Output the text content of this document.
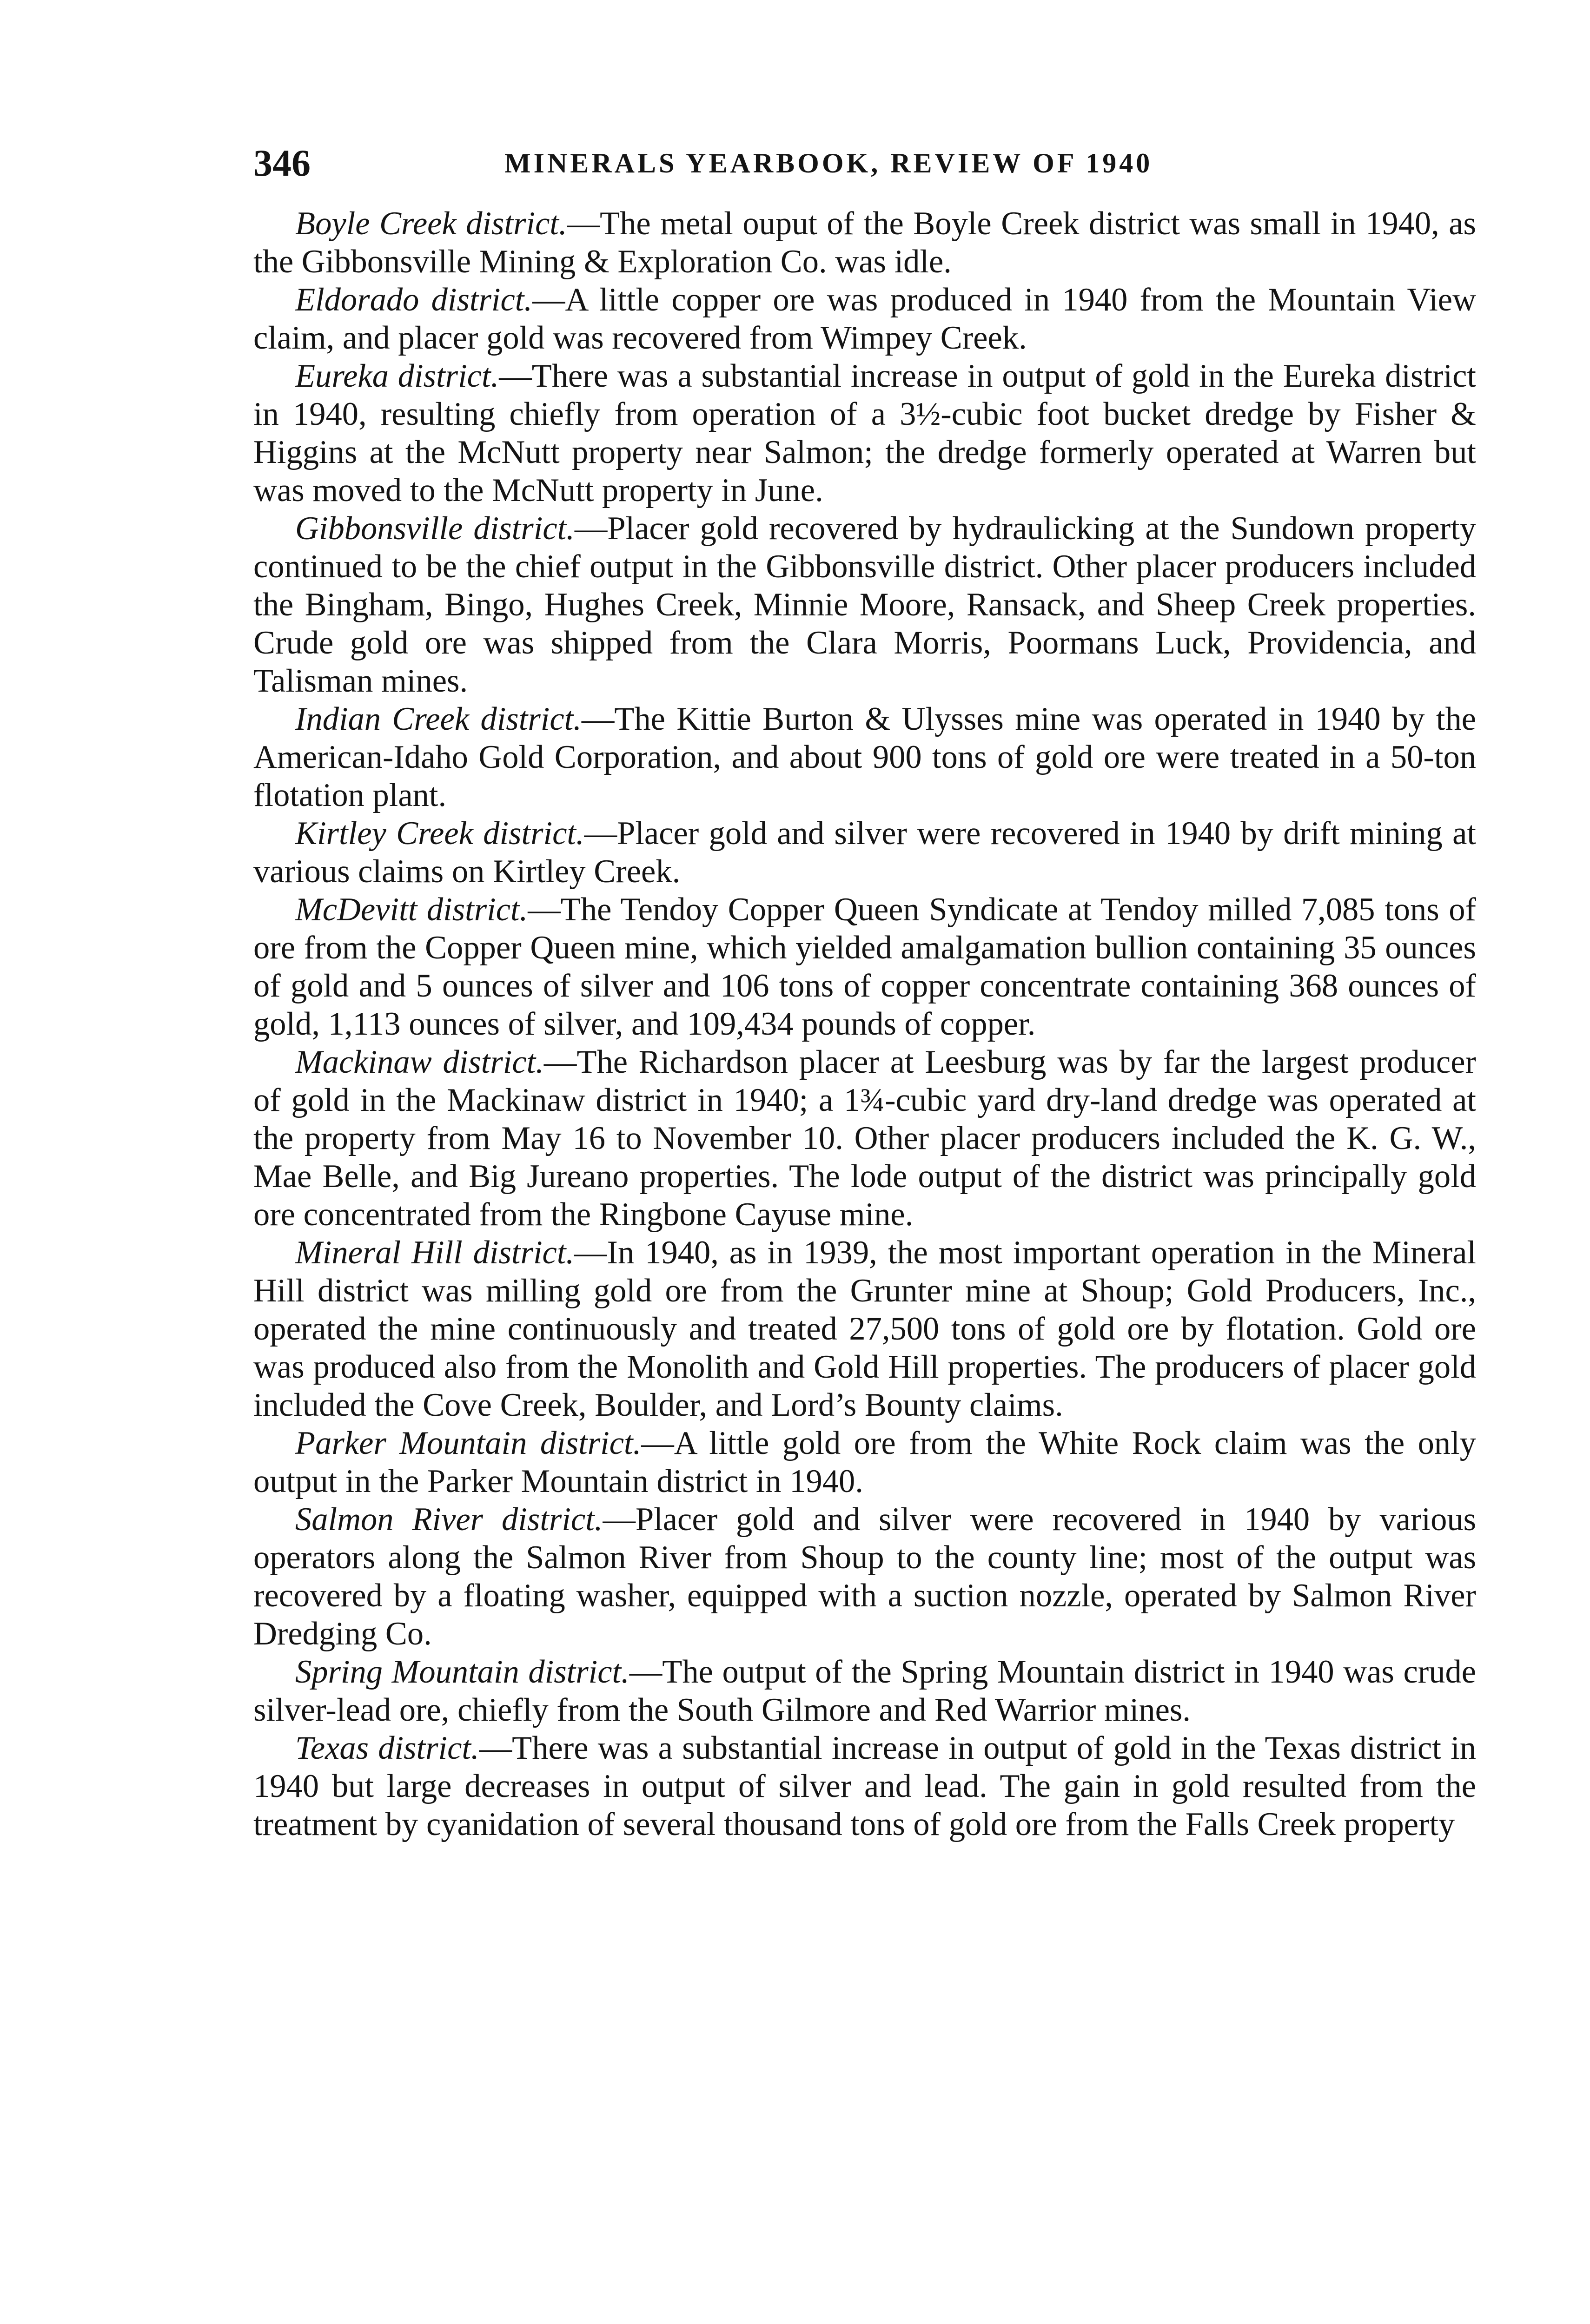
346	MINERALS YEARBOOK, REVIEW OF 1940

Boyle Creek district.—The metal ouput of the Boyle Creek district was small in 1940, as the Gibbonsville Mining & Exploration Co. was idle.

Eldorado district.—A little copper ore was produced in 1940 from the Mountain View claim, and placer gold was recovered from Wimpey Creek.

Eureka district.—There was a substantial increase in output of gold in the Eureka district in 1940, resulting chiefly from operation of a 3½-cubic foot bucket dredge by Fisher & Higgins at the McNutt property near Salmon; the dredge formerly operated at Warren but was moved to the McNutt property in June.

Gibbonsville district.—Placer gold recovered by hydraulicking at the Sundown property continued to be the chief output in the Gibbonsville district. Other placer producers included the Bingham, Bingo, Hughes Creek, Minnie Moore, Ransack, and Sheep Creek properties. Crude gold ore was shipped from the Clara Morris, Poormans Luck, Providencia, and Talisman mines.

Indian Creek district.—The Kittie Burton & Ulysses mine was operated in 1940 by the American-Idaho Gold Corporation, and about 900 tons of gold ore were treated in a 50-ton flotation plant.

Kirtley Creek district.—Placer gold and silver were recovered in 1940 by drift mining at various claims on Kirtley Creek.

McDevitt district.—The Tendoy Copper Queen Syndicate at Tendoy milled 7,085 tons of ore from the Copper Queen mine, which yielded amalgamation bullion containing 35 ounces of gold and 5 ounces of silver and 106 tons of copper concentrate containing 368 ounces of gold, 1,113 ounces of silver, and 109,434 pounds of copper.

Mackinaw district.—The Richardson placer at Leesburg was by far the largest producer of gold in the Mackinaw district in 1940; a 1¾-cubic yard dry-land dredge was operated at the property from May 16 to November 10. Other placer producers included the K. G. W., Mae Belle, and Big Jureano properties. The lode output of the district was principally gold ore concentrated from the Ringbone Cayuse mine.

Mineral Hill district.—In 1940, as in 1939, the most important operation in the Mineral Hill district was milling gold ore from the Grunter mine at Shoup; Gold Producers, Inc., operated the mine continuously and treated 27,500 tons of gold ore by flotation. Gold ore was produced also from the Monolith and Gold Hill properties. The producers of placer gold included the Cove Creek, Boulder, and Lord’s Bounty claims.

Parker Mountain district.—A little gold ore from the White Rock claim was the only output in the Parker Mountain district in 1940.

Salmon River district.—Placer gold and silver were recovered in 1940 by various operators along the Salmon River from Shoup to the county line; most of the output was recovered by a floating washer, equipped with a suction nozzle, operated by Salmon River Dredging Co.

Spring Mountain district.—The output of the Spring Mountain district in 1940 was crude silver-lead ore, chiefly from the South Gilmore and Red Warrior mines.

Texas district.—There was a substantial increase in output of gold in the Texas district in 1940 but large decreases in output of silver and lead. The gain in gold resulted from the treatment by cyanidation of several thousand tons of gold ore from the Falls Creek property
